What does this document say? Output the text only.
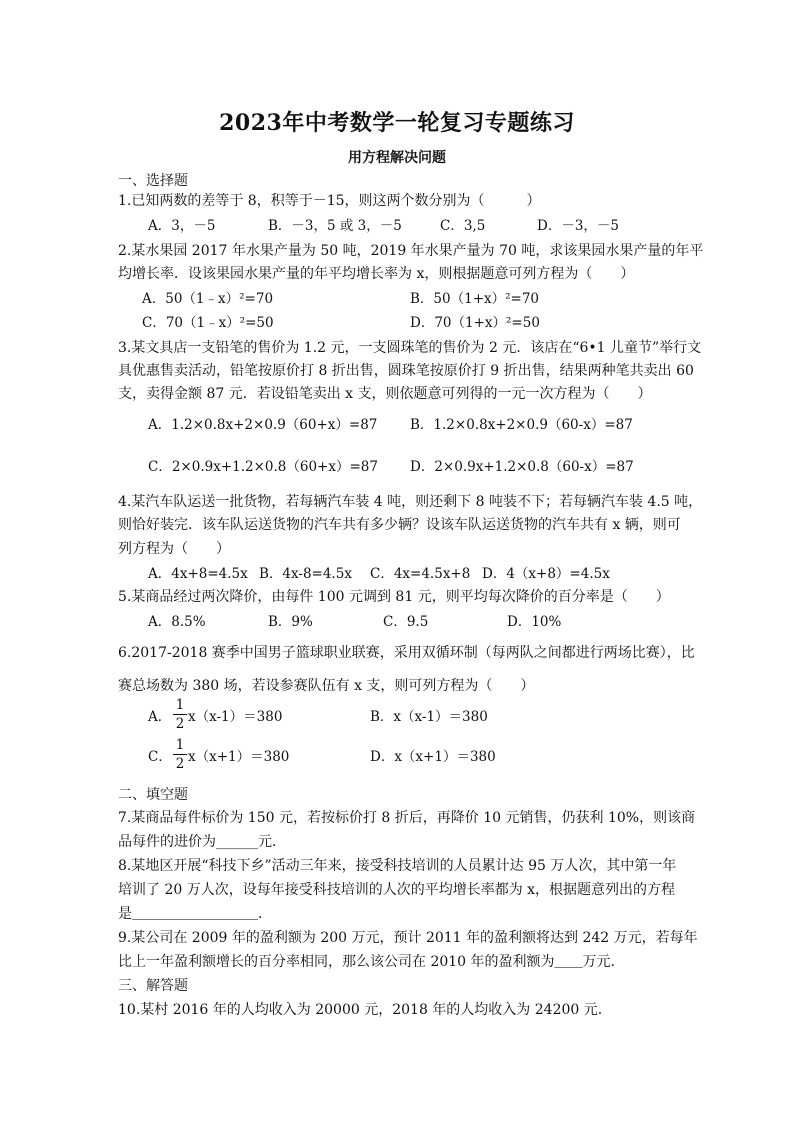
2023年中考数学一轮复习专题练习
用方程解决问题
一、选择题
1.已知两数的差等于 8，积等于－15，则这两个数分别为（　　　）
A．3，－5	B．－3，5 或 3，－5	C．3,5	D．－3，－5
2.某水果园 2017 年水果产量为 50 吨，2019 年水果产量为 70 吨，求该果园水果产量的年平
均增长率．设该果园水果产量的年平均增长率为 x，则根据题意可列方程为（　　）
A．50（1﹣x）²=70	B．50（1+x）²=70
C．70（1﹣x）²=50	D．70（1+x）²=50
3.某文具店一支铅笔的售价为 1.2 元，一支圆珠笔的售价为 2 元．该店在“6•1 儿童节”举行文
具优惠售卖活动，铅笔按原价打 8 折出售，圆珠笔按原价打 9 折出售，结果两种笔共卖出 60
支，卖得金额 87 元．若设铅笔卖出 x 支，则依题意可列得的一元一次方程为（　　）
A．1.2×0.8x+2×0.9（60+x）=87 B．1.2×0.8x+2×0.9（60-x）=87
C．2×0.9x+1.2×0.8（60+x）=87 D．2×0.9x+1.2×0.8（60-x）=87
4.某汽车队运送一批货物，若每辆汽车装 4 吨，则还剩下 8 吨装不下；若每辆汽车装 4.5 吨，
则恰好装完．该车队运送货物的汽车共有多少辆？设该车队运送货物的汽车共有 x 辆，则可
列方程为（　　）
A．4x+8=4.5x B．4x-8=4.5x C．4x=4.5x+8 D．4（x+8）=4.5x
5.某商品经过两次降价，由每件 100 元调到 81 元，则平均每次降价的百分率是（　　）
A．8.5%	B．9%	C．9.5	D．10%
6.2017-2018 赛季中国男子篮球职业联赛，采用双循环制（每两队之间都进行两场比赛），比
赛总场数为 380 场，若设参赛队伍有 x 支，则可列方程为（　　）
A．
1
2 x（x-1）＝380	B．x（x-1）＝380
C．
1
2 x（x+1）＝380	D．x（x+1）＝380
二、填空题
7.某商品每件标价为 150 元，若按标价打 8 折后，再降价 10 元销售，仍获利 10%，则该商
品每件的进价为______元．
8.某地区开展“科技下乡”活动三年来，接受科技培训的人员累计达 95 万人次，其中第一年
培训了 20 万人次，设每年接受科技培训的人次的平均增长率都为 x，根据题意列出的方程
是＿＿＿＿＿＿＿＿＿．
9.某公司在 2009 年的盈利额为 200 万元，预计 2011 年的盈利额将达到 242 万元，若每年
比上一年盈利额增长的百分率相同，那么该公司在 2010 年的盈利额为＿＿万元.
三、解答题
10.某村 2016 年的人均收入为 20000 元，2018 年的人均收入为 24200 元.
